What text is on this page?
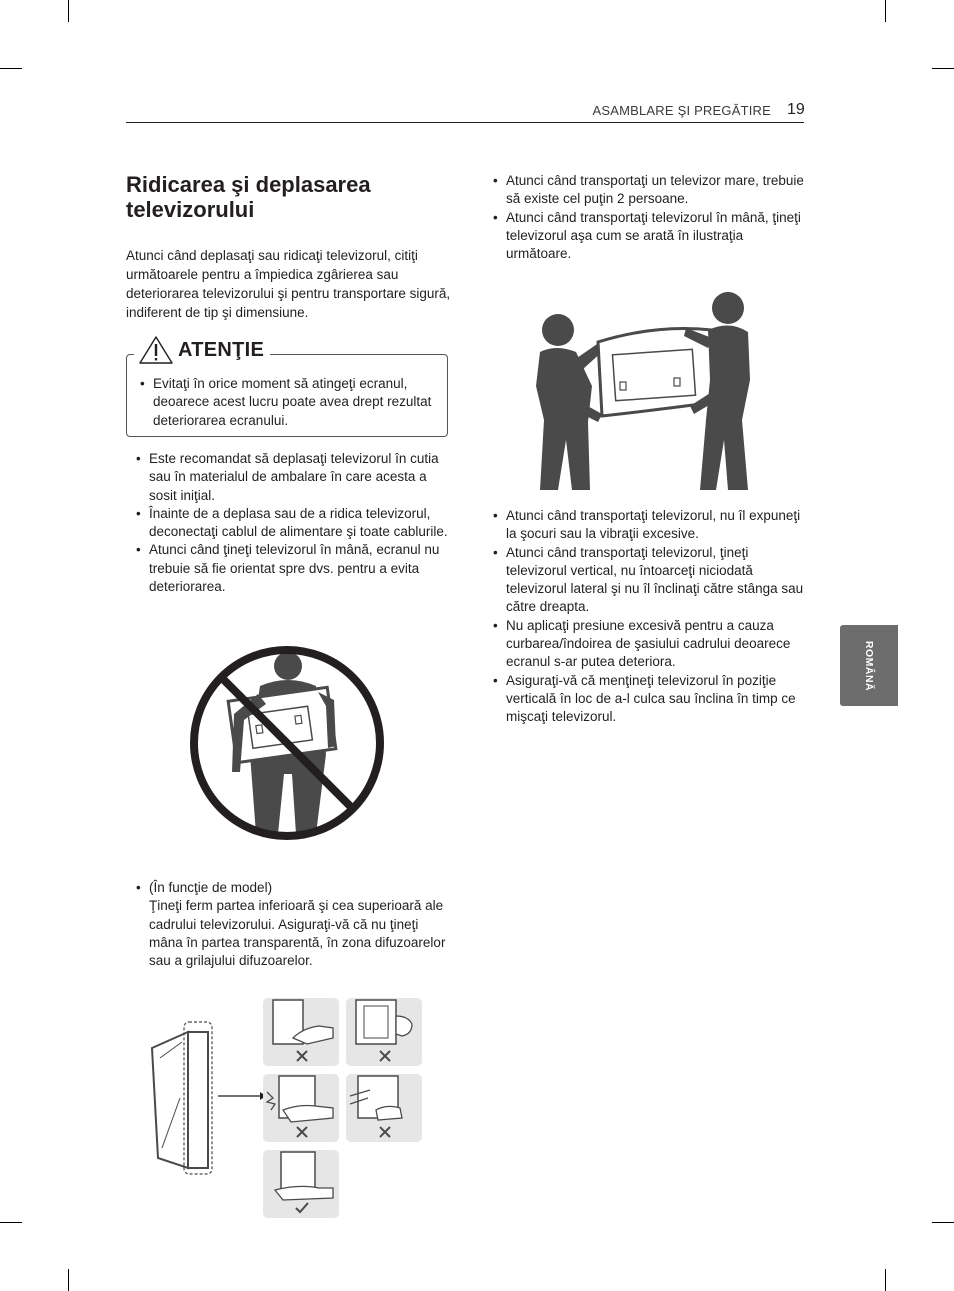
ASAMBLARE ŞI PREGĂTIRE 19
Ridicarea şi deplasarea televizorului

Atunci când deplasaţi sau ridicaţi televizorul, citiţi următoarele pentru a împiedica zgârierea sau deteriorarea televizorului şi pentru transportare sigură, indiferent de tip şi dimensiune.

• Evitaţi în orice moment să atingeţi ecranul, deoarece acest lucru poate avea drept rezultat deteriorarea ecranului.
ATENŢIE
• Este recomandat să deplasaţi televizorul în cutia sau în materialul de ambalare în care acesta a sosit iniţial.
• Înainte de a deplasa sau de a ridica televizorul, deconectaţi cablul de alimentare şi toate cablurile.
• Atunci când ţineţi televizorul în mână, ecranul nu trebuie să fie orientat spre dvs. pentru a evita deteriorarea.
• (În funcţie de model)
Ţineţi ferm partea inferioară şi cea superioară ale cadrului televizorului. Asiguraţi-vă că nu ţineţi mâna în partea transparentă, în zona difuzoarelor sau a grilajului difuzoarelor.
• Atunci când transportaţi un televizor mare, trebuie să existe cel puţin 2 persoane.
• Atunci când transportaţi televizorul în mână, ţineţi televizorul aşa cum se arată în ilustraţia următoare.
• Atunci când transportaţi televizorul, nu îl expuneţi la şocuri sau la vibraţii excesive.
• Atunci când transportaţi televizorul, ţineţi televizorul vertical, nu întoarceţi niciodată televizorul lateral şi nu îl înclinaţi către stânga sau către dreapta.
• Nu aplicaţi presiune excesivă pentru a cauza curbarea/îndoirea de şasiului cadrului deoarece ecranul s-ar putea deteriora.
• Asiguraţi-vă că menţineţi televizorul în poziţie verticală în loc de a-l culca sau înclina în timp ce mişcaţi televizorul.
ROMÂNĂ
